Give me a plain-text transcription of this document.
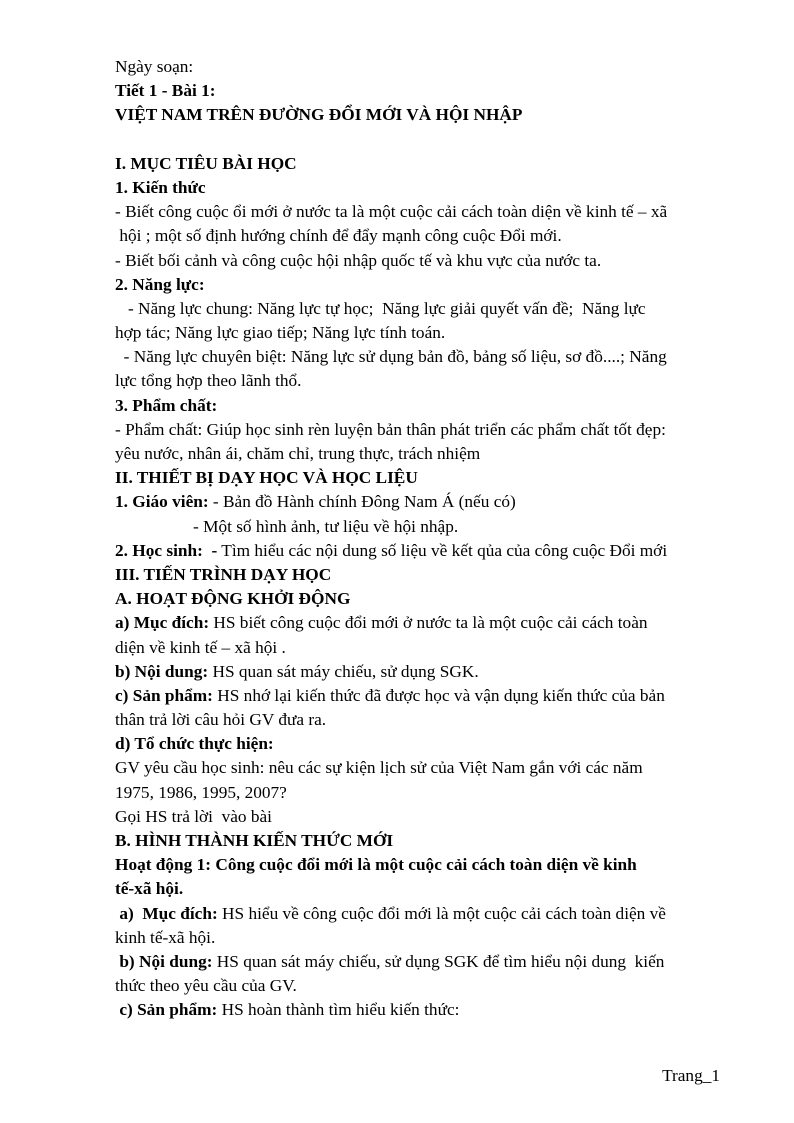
Ngày soạn:
Tiết 1 - Bài 1:
VIỆT NAM TRÊN ĐƯỜNG ĐỔI MỚI VÀ HỘI NHẬP
I. MỤC TIÊU BÀI HỌC
1. Kiến thức
- Biết công cuộc ổi mới ở nước ta là một cuộc cải cách toàn diện về kinh tế – xã
hội ; một số định hướng chính để đẩy mạnh công cuộc Đổi mới.
- Biết bối cảnh và công cuộc hội nhập quốc tế và khu vực của nước ta.
2. Năng lực:
- Năng lực chung: Năng lực tự học;  Năng lực giải quyết vấn đề;  Năng lực
hợp tác; Năng lực giao tiếp; Năng lực tính toán.
- Năng lực chuyên biệt: Năng lực sử dụng bản đồ, bảng số liệu, sơ đồ....; Năng
lực tổng hợp theo lãnh thổ.
3. Phẩm chất:
- Phẩm chất: Giúp học sinh rèn luyện bản thân phát triển các phẩm chất tốt đẹp:
yêu nước, nhân ái, chăm chỉ, trung thực, trách nhiệm
II. THIẾT BỊ DẠY HỌC VÀ HỌC LIỆU
1. Giáo viên: - Bản đồ Hành chính Đông Nam Á (nếu có)
- Một số hình ảnh, tư liệu về hội nhập.
2. Học sinh:  - Tìm hiểu các nội dung số liệu về kết qủa của công cuộc Đổi mới
III. TIẾN TRÌNH DẠY HỌC
A. HOẠT ĐỘNG KHỞI ĐỘNG
a) Mục đích: HS biết công cuộc đổi mới ở nước ta là một cuộc cải cách toàn
diện về kinh tế – xã hội .
b) Nội dung: HS quan sát máy chiếu, sử dụng SGK.
c) Sản phẩm: HS nhớ lại kiến thức đã được học và vận dụng kiến thức của bản
thân trả lời câu hỏi GV đưa ra.
d) Tổ chức thực hiện:
GV yêu cầu học sinh: nêu các sự kiện lịch sử của Việt Nam gắn với các năm
1975, 1986, 1995, 2007?
Gọi HS trả lời  vào bài
B. HÌNH THÀNH KIẾN THỨC MỚI
Hoạt động 1: Công cuộc đổi mới là một cuộc cải cách toàn diện về kinh
tế-xã hội.
a)  Mục đích: HS hiểu về công cuộc đổi mới là một cuộc cải cách toàn diện về
kinh tế-xã hội.
b) Nội dung: HS quan sát máy chiếu, sử dụng SGK để tìm hiểu nội dung  kiến
thức theo yêu cầu của GV.
c) Sản phẩm: HS hoàn thành tìm hiểu kiến thức:
Trang_1
